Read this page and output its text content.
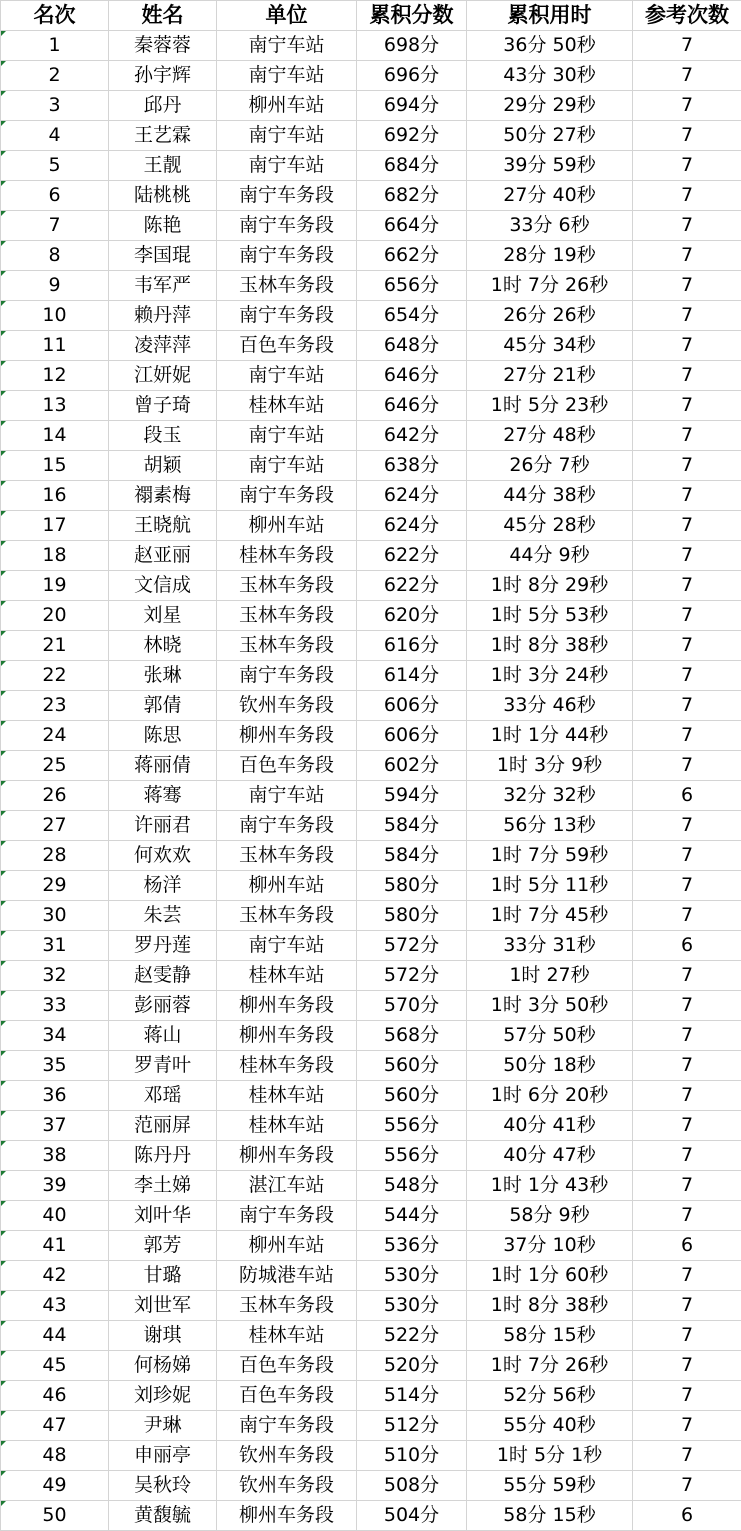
名次	姓名	单位	累积分数	累积用时	参考次数
1	秦蓉蓉	南宁车站	698分	36分 50秒	7
2	孙宇辉	南宁车站	696分	43分 30秒	7
3	邱丹	柳州车站	694分	29分 29秒	7
4	王艺霖	南宁车站	692分	50分 27秒	7
5	王靓	南宁车站	684分	39分 59秒	7
6	陆桃桃	南宁车务段	682分	27分 40秒	7
7	陈艳	南宁车务段	664分	33分 6秒	7
8	李国琨	南宁车务段	662分	28分 19秒	7
9	韦军严	玉林车务段	656分	1时 7分 26秒	7
10	赖丹萍	南宁车务段	654分	26分 26秒	7
11	凌萍萍	百色车务段	648分	45分 34秒	7
12	江妍妮	南宁车站	646分	27分 21秒	7
13	曾子琦	桂林车站	646分	1时 5分 23秒	7
14	段玉	南宁车站	642分	27分 48秒	7
15	胡颖	南宁车站	638分	26分 7秒	7
16	禤素梅	南宁车务段	624分	44分 38秒	7
17	王晓航	柳州车站	624分	45分 28秒	7
18	赵亚丽	桂林车务段	622分	44分 9秒	7
19	文信成	玉林车务段	622分	1时 8分 29秒	7
20	刘星	玉林车务段	620分	1时 5分 53秒	7
21	林晓	玉林车务段	616分	1时 8分 38秒	7
22	张琳	南宁车务段	614分	1时 3分 24秒	7
23	郭倩	钦州车务段	606分	33分 46秒	7
24	陈思	柳州车务段	606分	1时 1分 44秒	7
25	蒋丽倩	百色车务段	602分	1时 3分 9秒	7
26	蒋骞	南宁车站	594分	32分 32秒	6
27	许丽君	南宁车务段	584分	56分 13秒	7
28	何欢欢	玉林车务段	584分	1时 7分 59秒	7
29	杨洋	柳州车站	580分	1时 5分 11秒	7
30	朱芸	玉林车务段	580分	1时 7分 45秒	7
31	罗丹莲	南宁车站	572分	33分 31秒	6
32	赵雯静	桂林车站	572分	1时 27秒	7
33	彭丽蓉	柳州车务段	570分	1时 3分 50秒	7
34	蒋山	柳州车务段	568分	57分 50秒	7
35	罗青叶	桂林车务段	560分	50分 18秒	7
36	邓瑶	桂林车站	560分	1时 6分 20秒	7
37	范丽屏	桂林车站	556分	40分 41秒	7
38	陈丹丹	柳州车务段	556分	40分 47秒	7
39	李土娣	湛江车站	548分	1时 1分 43秒	7
40	刘叶华	南宁车务段	544分	58分 9秒	7
41	郭芳	柳州车站	536分	37分 10秒	6
42	甘璐	防城港车站	530分	1时 1分 60秒	7
43	刘世军	玉林车务段	530分	1时 8分 38秒	7
44	谢琪	桂林车站	522分	58分 15秒	7
45	何杨娣	百色车务段	520分	1时 7分 26秒	7
46	刘珍妮	百色车务段	514分	52分 56秒	7
47	尹琳	南宁车务段	512分	55分 40秒	7
48	申丽亭	钦州车务段	510分	1时 5分 1秒	7
49	吴秋玲	钦州车务段	508分	55分 59秒	7
50	黄馥毓	柳州车务段	504分	58分 15秒	6
